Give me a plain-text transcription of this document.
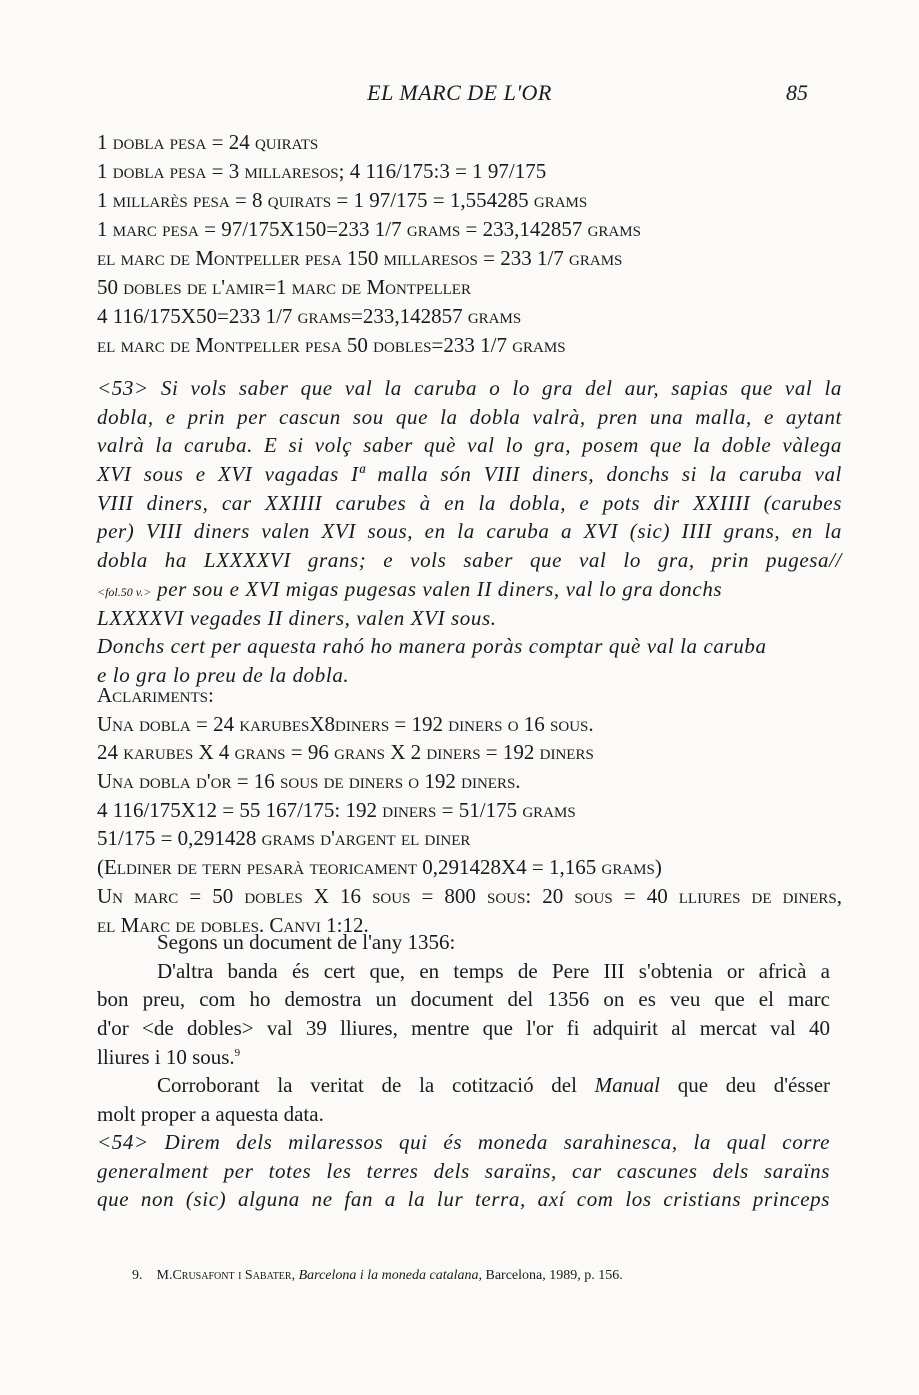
EL MARC DE L'OR	85
1 dobla pesa = 24 quirats
1 dobla pesa = 3 millaresos; 4 116/175:3 = 1 97/175
1 millarès pesa = 8 quirats = 1 97/175 = 1,554285 grams
1 marc pesa = 97/175X150=233 1/7 grams = 233,142857 grams
el marc de Montpeller pesa 150 millaresos = 233 1/7 grams
50 dobles de l'amir=1 marc de Montpeller
4 116/175X50=233 1/7 grams=233,142857 grams
el marc de Montpeller pesa 50 dobles=233 1/7 grams
<53> Si vols saber que val la caruba o lo gra del aur, sapias que val la
dobla, e prin per cascun sou que la dobla valrà, pren una malla, e aytant
valrà la caruba. E si volç saber què val lo gra, posem que la doble vàlega
XVI sous e XVI vagadas Iª malla són VIII diners, donchs si la caruba val
VIII diners, car XXIIII carubes à en la dobla, e pots dir XXIIII (carubes
per) VIII diners valen XVI sous, en la caruba a XVI (sic) IIII grans, en la
dobla ha LXXXXVI grans; e vols saber que val lo gra, prin pugesa//
<fol.50 v.> per sou e XVI migas pugesas valen II diners, val lo gra donchs
LXXXXVI vegades II diners, valen XVI sous.
Donchs cert per aquesta rahó ho manera poràs comptar què val la caruba
e lo gra lo preu de la dobla.
Aclariments:
Una dobla = 24 karubesX8diners = 192 diners o 16 sous.
24 karubes X 4 grans = 96 grans X 2 diners = 192 diners
Una dobla d'or = 16 sous de diners o 192 diners.
4 116/175X12 = 55 167/175: 192 diners = 51/175 grams
51/175 = 0,291428 grams d'argent el diner
(Eldiner de tern pesarà teoricament 0,291428X4 = 1,165 grams)
Un marc = 50 dobles X 16 sous = 800 sous: 20 sous = 40 lliures de diners,
el Marc de dobles. Canvi 1:12.
Segons un document de l'any 1356:
D'altra banda és cert que, en temps de Pere III s'obtenia or africà a
bon preu, com ho demostra un document del 1356 on es veu que el marc
d'or <de dobles> val 39 lliures, mentre que l'or fi adquirit al mercat val 40
lliures i 10 sous.$^9$
Corroborant la veritat de la cotització del Manual que deu d'ésser
molt proper a aquesta data.
<54> Direm dels milaressos qui és moneda sarahinesca, la qual corre
generalment per totes les terres dels saraïns, car cascunes dels saraïns
que non (sic) alguna ne fan a la lur terra, axí com los cristians princeps
9. M.Crusafont i Sabater, Barcelona i la moneda catalana, Barcelona, 1989, p. 156.
